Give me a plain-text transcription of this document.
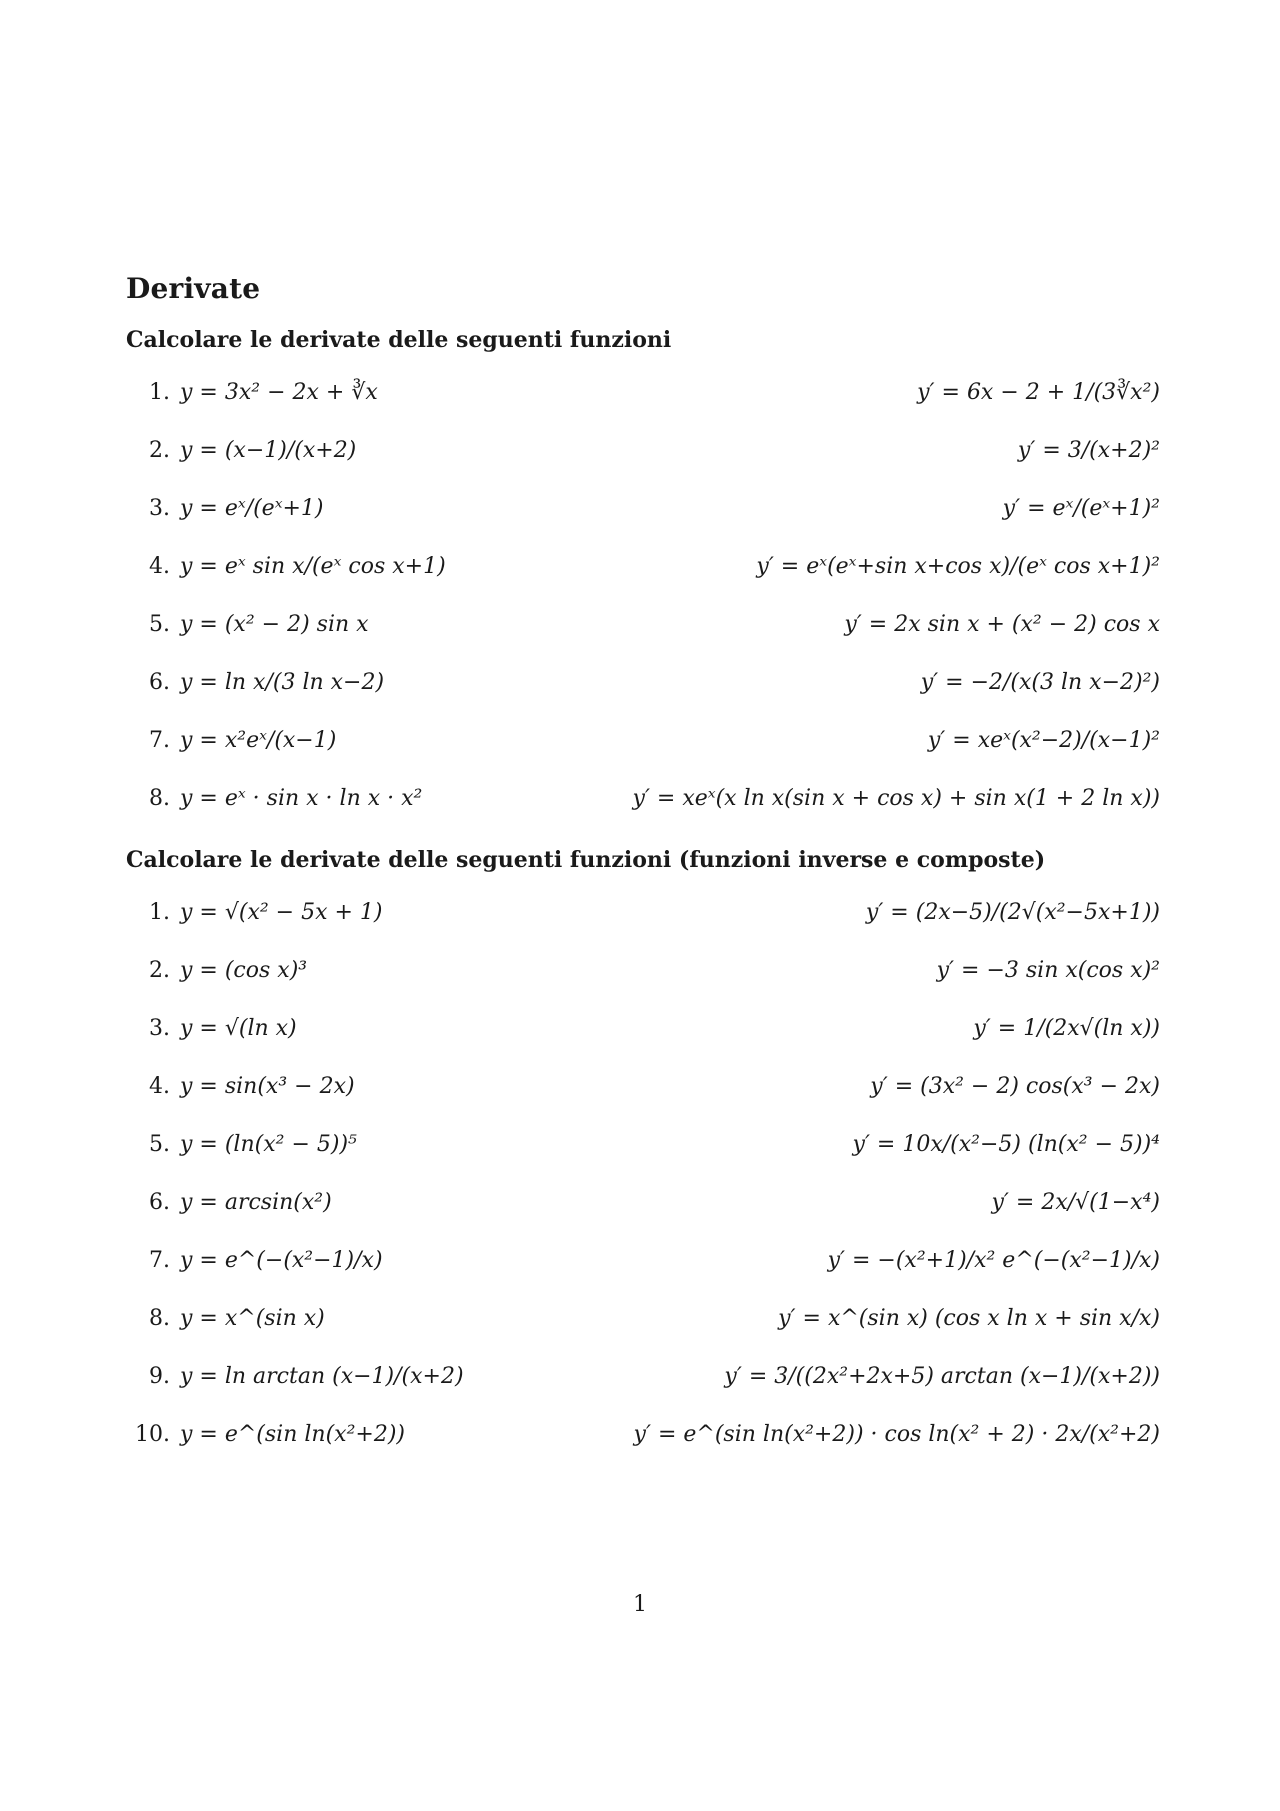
Derivate
Calcolare le derivate delle seguenti funzioni
1. y = 3x² − 2x + ∛x	y′ = 6x − 2 + 1/(3∛x²)
2. y = (x−1)/(x+2)	y′ = 3/(x+2)²
3. y = eˣ/(eˣ+1)	y′ = eˣ/(eˣ+1)²
4. y = eˣ sin x/(eˣ cos x+1)	y′ = eˣ(eˣ+sin x+cos x)/(eˣ cos x+1)²
5. y = (x² − 2) sin x	y′ = 2x sin x + (x² − 2) cos x
6. y = ln x/(3 ln x−2)	y′ = −2/(x(3 ln x−2)²)
7. y = x²eˣ/(x−1)	y′ = xeˣ(x²−2)/(x−1)²
8. y = eˣ · sin x · ln x · x²	y′ = xeˣ(x ln x(sin x + cos x) + sin x(1 + 2 ln x))
Calcolare le derivate delle seguenti funzioni (funzioni inverse e composte)
1. y = √(x² − 5x + 1)	y′ = (2x−5)/(2√(x²−5x+1))
2. y = (cos x)³	y′ = −3 sin x(cos x)²
3. y = √(ln x)	y′ = 1/(2x√(ln x))
4. y = sin(x³ − 2x)	y′ = (3x² − 2) cos(x³ − 2x)
5. y = (ln(x² − 5))⁵	y′ = 10x/(x²−5) (ln(x² − 5))⁴
6. y = arcsin(x²)	y′ = 2x/√(1−x⁴)
7. y = e^(−(x²−1)/x)	y′ = −(x²+1)/x² e^(−(x²−1)/x)
8. y = x^(sin x)	y′ = x^(sin x) (cos x ln x + sin x/x)
9. y = ln arctan (x−1)/(x+2)	y′ = 3/((2x²+2x+5) arctan (x−1)/(x+2))
10. y = e^(sin ln(x²+2))	y′ = e^(sin ln(x²+2)) · cos ln(x² + 2) · 2x/(x²+2)
1
